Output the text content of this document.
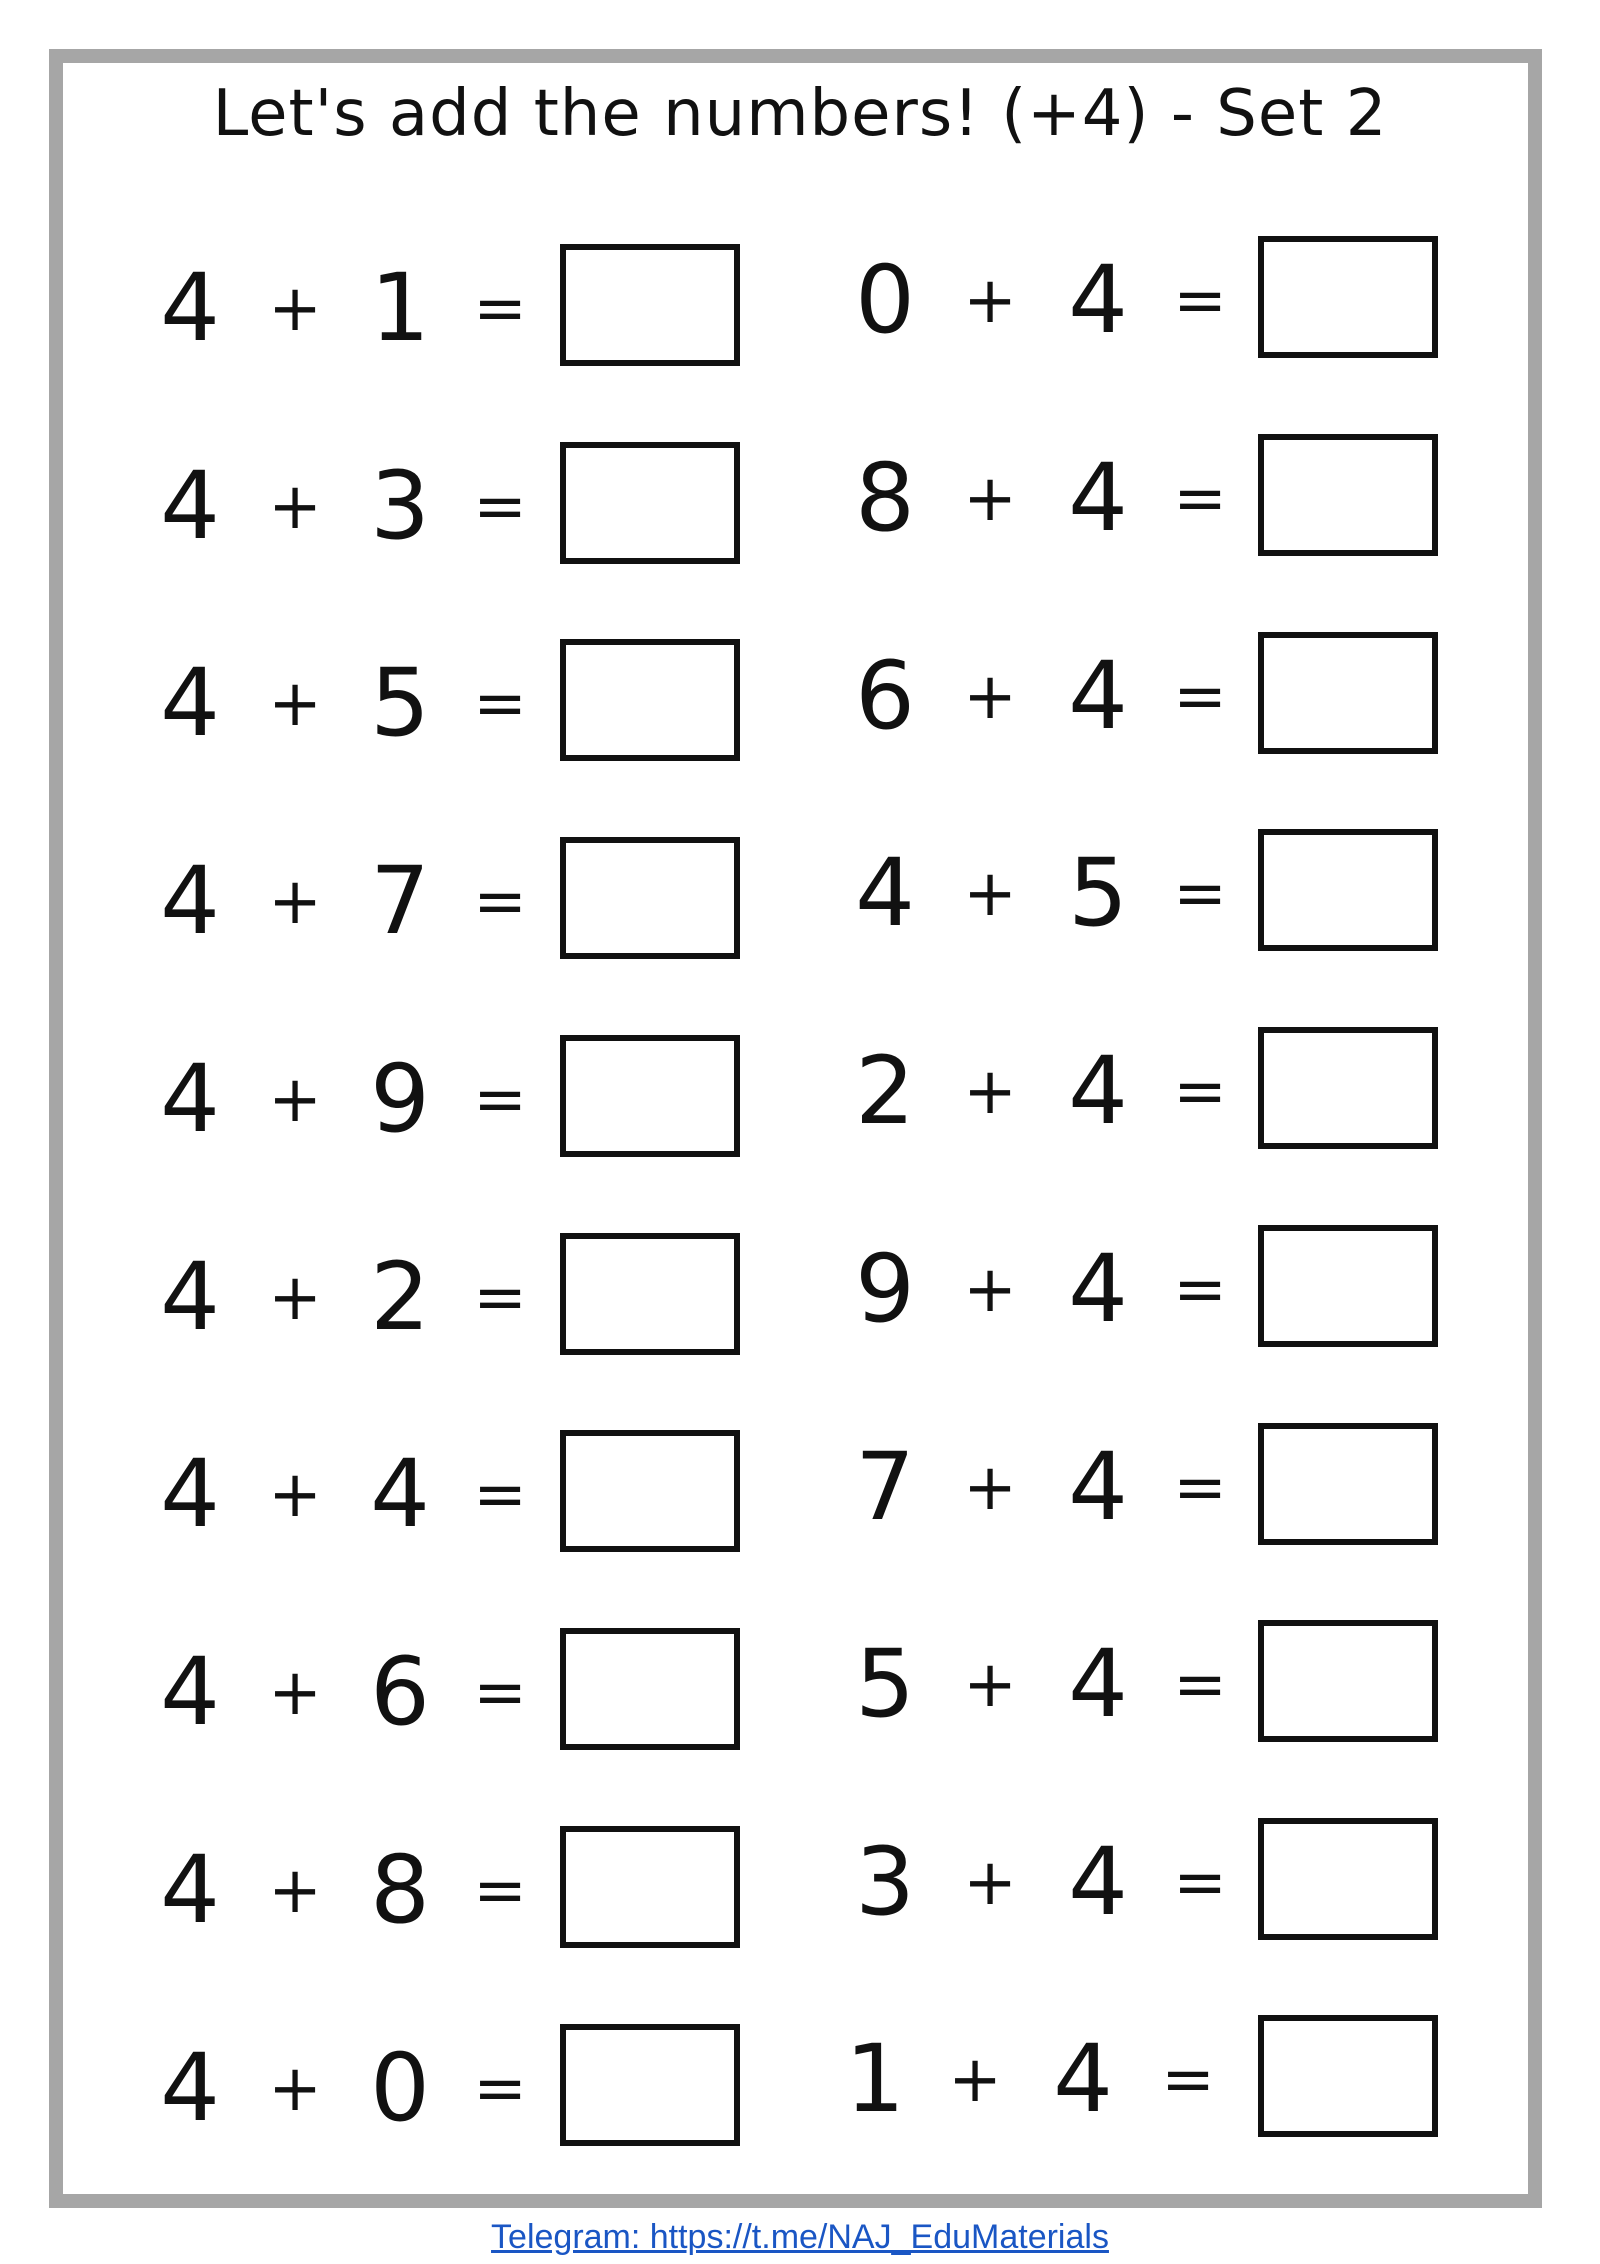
Let's add the numbers! (+4) - Set 2
4 + 1 =
4 + 3 =
4 + 5 =
4 + 7 =
4 + 9 =
4 + 2 =
4 + 4 =
4 + 6 =
4 + 8 =
4 + 0 =
0 + 4 =
8 + 4 =
6 + 4 =
4 + 5 =
2 + 4 =
9 + 4 =
7 + 4 =
5 + 4 =
3 + 4 =
1 + 4 =
Telegram: https://t.me/NAJ_EduMaterials
